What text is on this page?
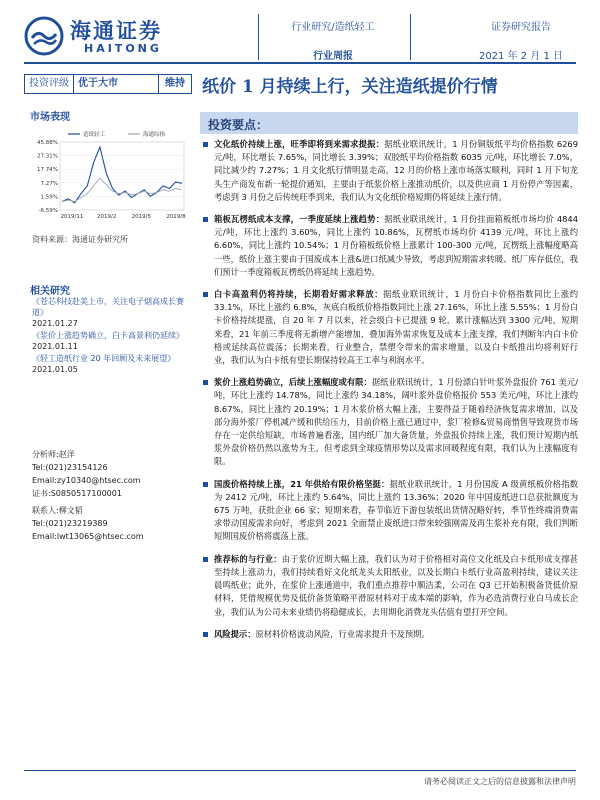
海通证券
HAITONG
行业研究/造纸轻工
行业周报
证券研究报告
2021 年 2 月 1 日
投资评级 优于大市	维持	纸价 1 月持续上行，关注造纸提价行情
市场表现
45.88%
27.31%
17.74%
7.27%
1.59%
-6.59%
2019/11 2019/2	2019/5	2019/8
造纸轻工	海通综指
资料来源：海通证券研究所
相关研究
《苍芯科技赴美上市，关注电子烟高成长赛道》
2021.01.27
《浆价上涨趋势确立，白卡高景利仍延续》
2021.01.11
《轻工造纸行业 20 年回顾及未来展望》
2021.01.05
分析师:赵洋
Tel:(021)23154126
Email:zy10340@htsec.com
证书:S0850517100001
联系人:柳文韬
Tel:(021)23219389
Email:lwt13065@htsec.com
投资要点：
文化纸价持续上涨，旺季即将到来需求提振：据纸业联讯统计，1 月份铜版纸平均价格指数 6269 元/吨，环比增长 7.65%，同比增长 3.39%；双胶纸平均价格指数 6035 元/吨，环比增长 7.0%，同比减少约 7.27%；1 月文化纸行情明显走高，12 月的价格上涨市场落实顺利，同时 1 月下旬龙头生产商发布新一轮提价通知，主要由于纸浆价格上涨推动纸价，以及供应商 1 月份停产等因素，考虑到 3 月份之后传统旺季到来，我们认为文化纸价格短期仍将延续上涨行情。
箱板瓦楞纸成本支撑，一季度延续上涨趋势：据纸业联讯统计，1 月份挂面箱板纸市场均价 4844 元/吨，环比上涨约 3.60%，同比上涨约 10.86%，瓦楞纸市场均价 4139 元/吨，环比上涨约 6.60%，同比上涨约 10.54%；1 月份箱板纸价格上涨累计 100-300 元/吨，瓦楞纸上涨幅度略高一些，纸价上涨主要由于国废成本上涨&进口纸减少导致，考虑到短期需求转暖、纸厂库存低位，我们预计一季度箱板瓦楞纸仍将延续上涨趋势。
白卡高盈利仍将持续，长期看好需求释放：据纸业联讯统计，1 月份白卡价格指数同比上涨约 33.1%，环比上涨约 6.8%，灰底白板纸价格指数同比上涨 27.16%，环比上涨 5.55%；1 月份白卡价格持续提涨，自 20 年 7 月以来，社会级白卡已提涨 9 轮，累计涨幅达到 3300 元/吨，短期来看，21 年前三季度将无新增产能增加，叠加海外需求恢复及成本上涨支撑，我们判断年内白卡价格或延续高位震荡；长期来看，行业整合，禁塑令带来的需求增量，以及白卡纸推出均将利好行业，我们认为白卡纸有望长期保持较高王工率与利润水平。
浆价上涨趋势确立，后续上涨幅度或有限：据纸业联讯统计，1 月份漂白针叶浆外盘报价 761 美元/吨，环比上涨约 14.78%，同比上涨约 34.18%，阔叶浆外盘价格报价 553 美元/吨，环比上涨约 8.67%，同比上涨约 20.19%；1 月木浆价格大幅上涨，主要得益于随着经济恢复需求增加，以及部分海外浆厂停机减产缓和供给压力，目前价格上涨已通过中，浆厂检修&贸易商惜售导致现货市场存在一定供给短缺，市场普遍看涨，国内纸厂加大备货量，外盘报价持续上涨，我们预计短期内纸浆外盘价格仍然以涨势为主，但考虑到全球疫情形势以及需求回暖程度有限，我们认为上涨幅度有限。
国废价格持续上涨，21 年供给有限价格坚挺：据纸业联讯统计，1 月份国废 A 级黄纸板价格指数为 2412 元/吨，环比上涨约 5.64%，同比上涨约 13.36%；2020 年中国废纸进口总获批额度为 675 万吨，获批企业 66 家；短期来看，春节临近下游包装纸出货情况略好转，季节性终端消费需求带动国废需求向好，考虑到 2021 全面禁止废纸进口带来较强刚需及再生浆补充有限，我们判断短期国废价格将震荡上涨。
推荐标的与行业：由于浆价近期大幅上涨，我们认为对于价格相对高位文化纸及白卡纸形成支撑甚至持续上涨动力，我们持续看好文化纸龙头太阳纸业，以及长期白卡纸行业高盈利持续，建议关注晨鸣纸业；此外，在浆价上涨通道中，我们重点推荐中顺洁柔，公司在 Q3 已开始积极备货低价原材料，凭借规模优势及低价备货策略平滑原材料对于成本端的影响，作为必选消费行业白马成长企业，我们认为公司未来业绩仍将稳健成长，去用期化消费龙头估值有望打开空间。
风险提示：原材料价格波动风险，行业需求提升不及预期。
请务必阅读正文之后的信息披露和法律声明
